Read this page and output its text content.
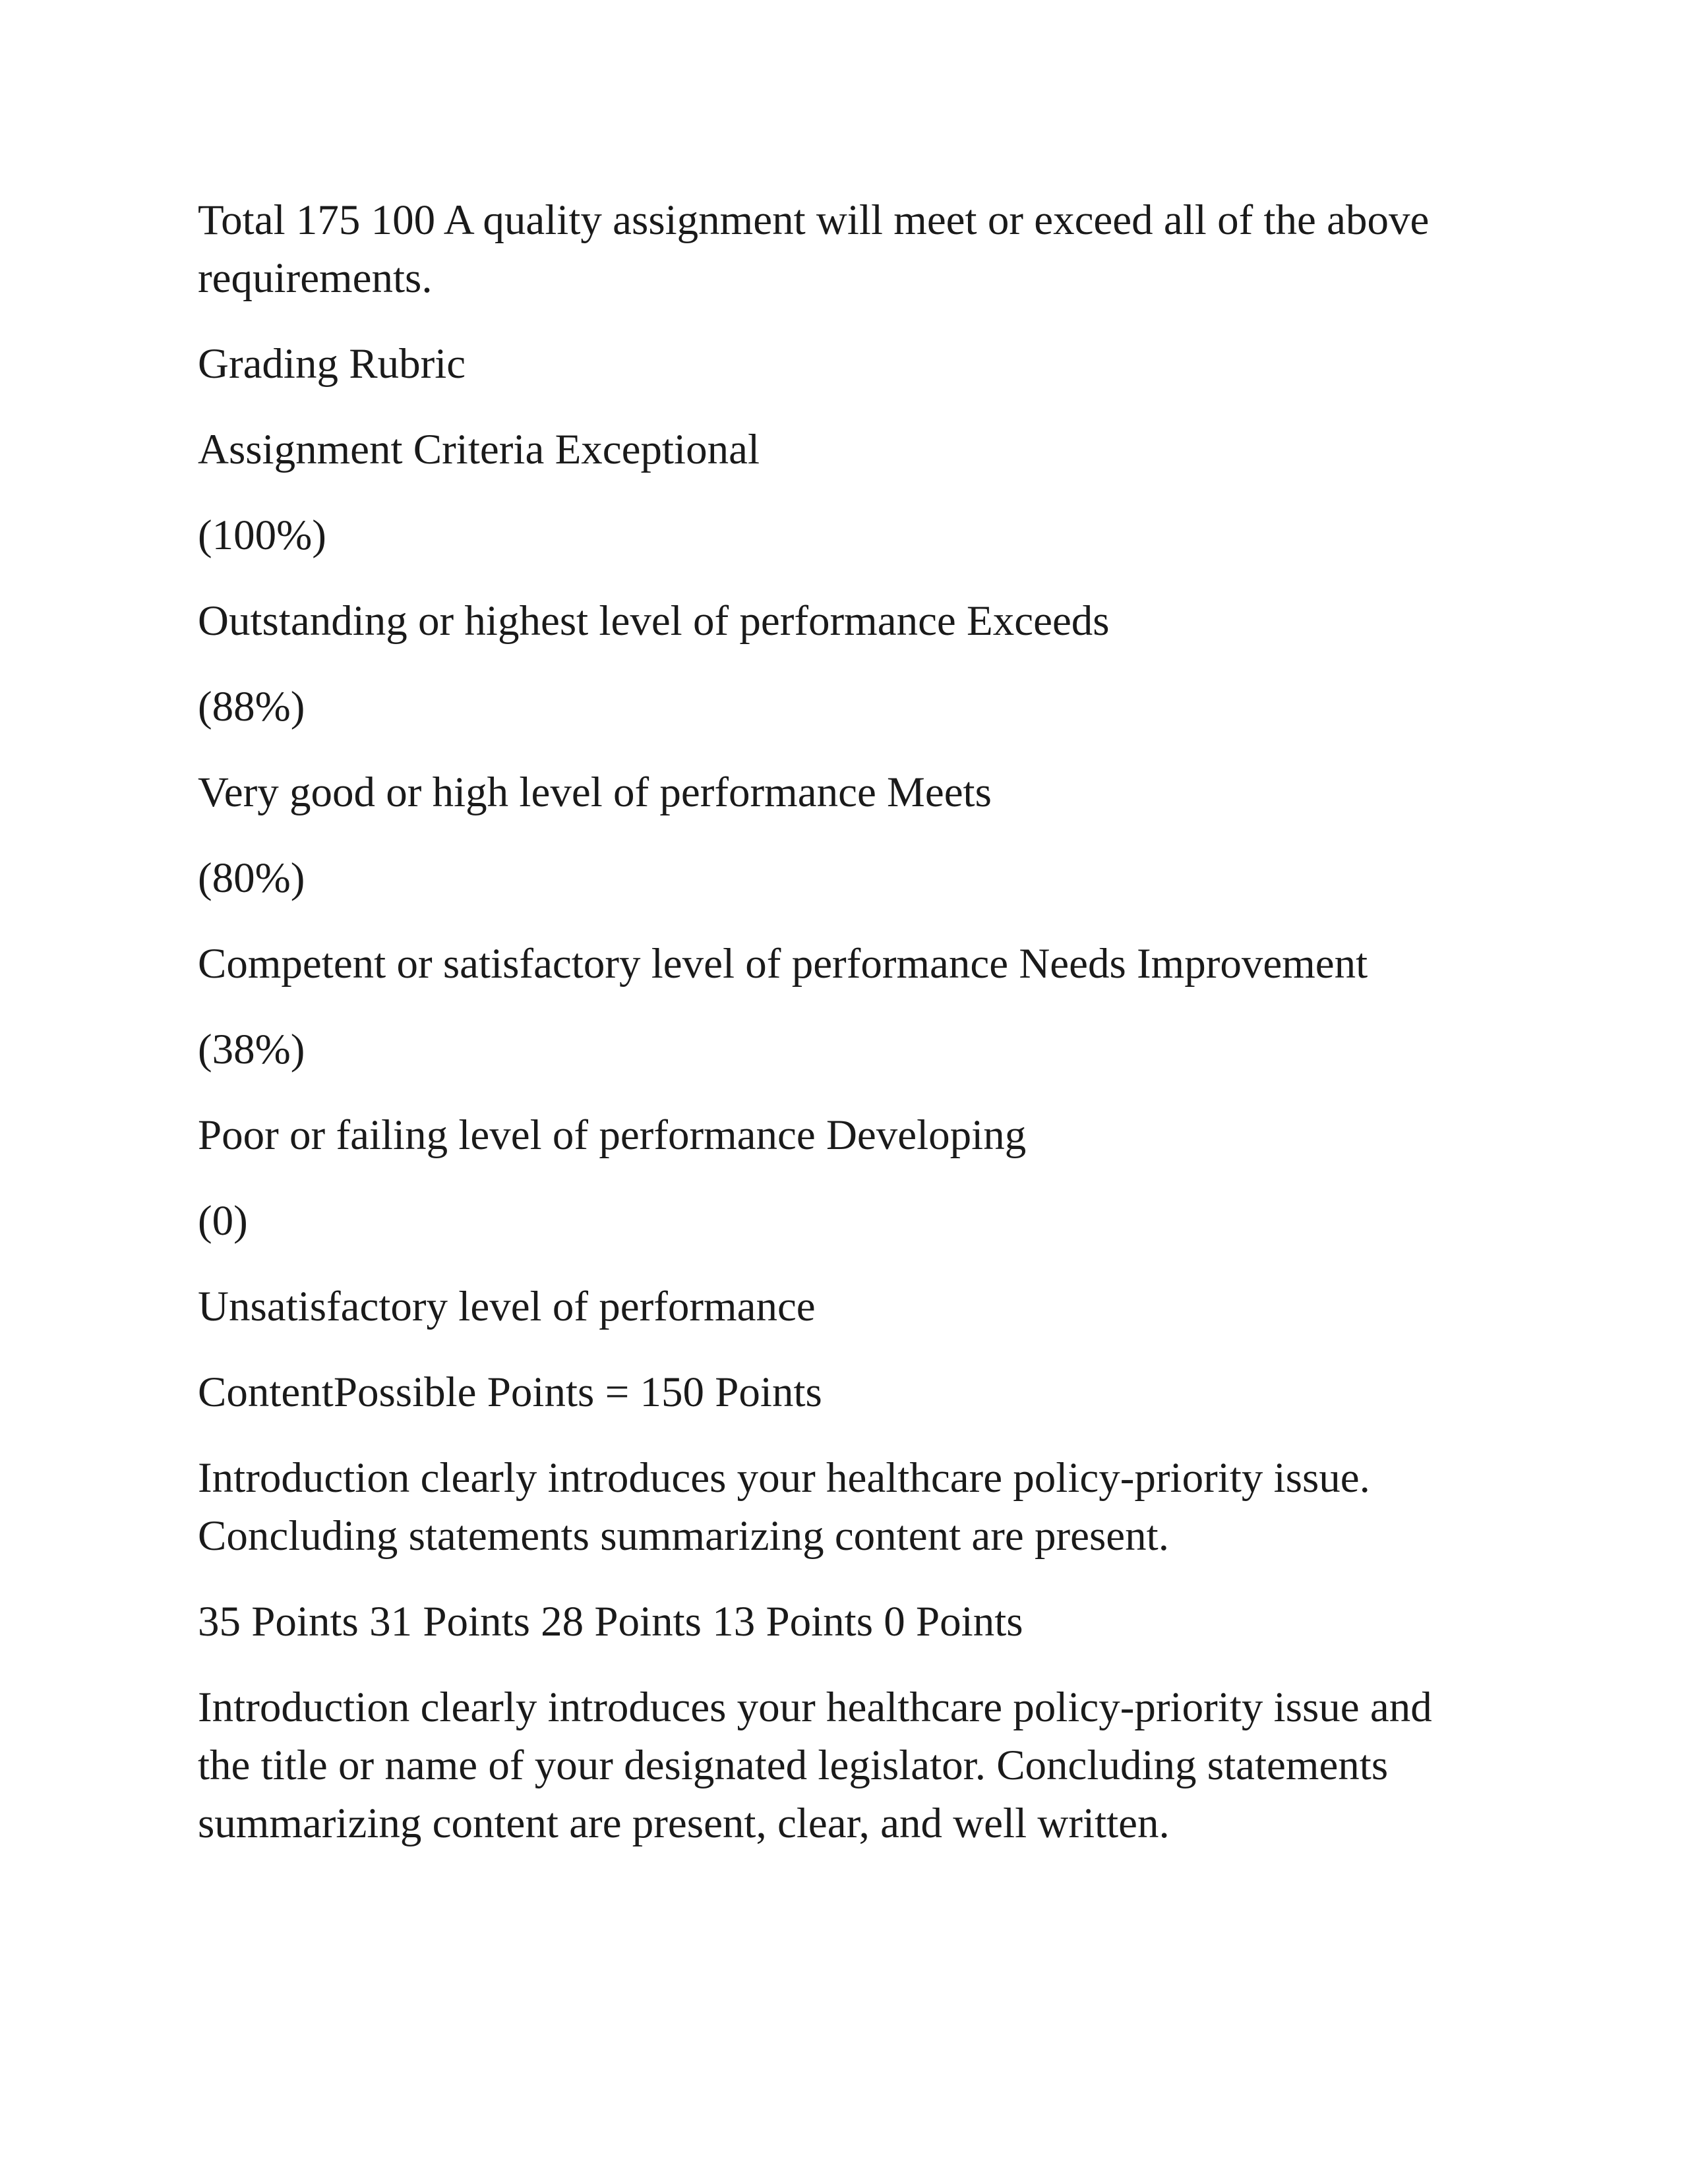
Total 175 100 A quality assignment will meet or exceed all of the above requirements.

Grading Rubric

Assignment Criteria Exceptional

(100%)

Outstanding or highest level of performance Exceeds

(88%)

Very good or high level of performance Meets

(80%)

Competent or satisfactory level of performance Needs Improvement

(38%)

Poor or failing level of performance Developing

(0)

Unsatisfactory level of performance

ContentPossible Points = 150 Points

Introduction clearly introduces your healthcare policy-priority issue. Concluding statements summarizing content are present.

35 Points 31 Points 28 Points 13 Points 0 Points

Introduction clearly introduces your healthcare policy-priority issue and the title or name of your designated legislator. Concluding statements summarizing content are present, clear, and well written.
